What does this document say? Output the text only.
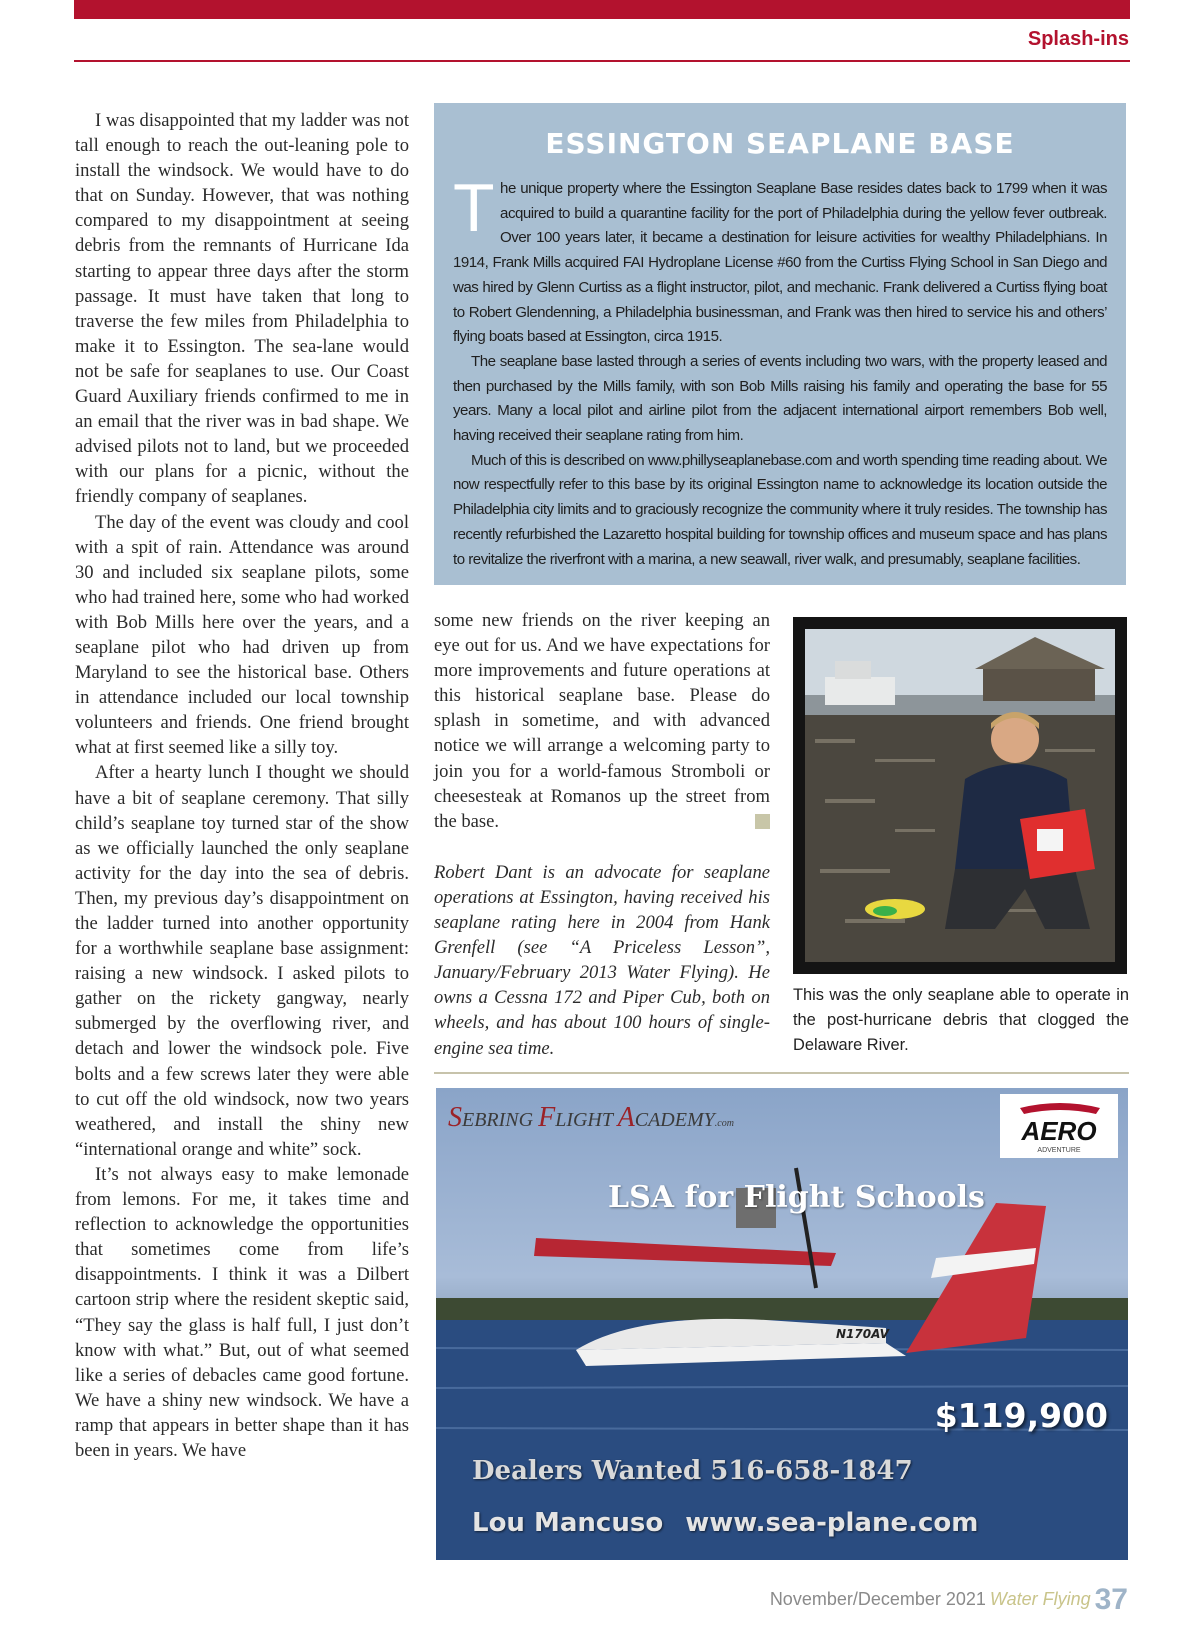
Splash-ins

I was disappointed that my ladder was not tall enough to reach the out-leaning pole to install the windsock. We would have to do that on Sunday. However, that was nothing compared to my disappointment at seeing debris from the remnants of Hurricane Ida starting to appear three days after the storm passage. It must have taken that long to traverse the few miles from Philadelphia to make it to Essington. The sea-lane would not be safe for seaplanes to use. Our Coast Guard Auxiliary friends confirmed to me in an email that the river was in bad shape. We advised pilots not to land, but we proceeded with our plans for a picnic, without the friendly company of seaplanes.

The day of the event was cloudy and cool with a spit of rain. Attendance was around 30 and included six seaplane pilots, some who had trained here, some who had worked with Bob Mills here over the years, and a seaplane pilot who had driven up from Maryland to see the historical base. Others in attendance included our local township volunteers and friends. One friend brought what at first seemed like a silly toy.

After a hearty lunch I thought we should have a bit of seaplane ceremony. That silly child’s seaplane toy turned star of the show as we officially launched the only seaplane activity for the day into the sea of debris. Then, my previous day’s disappointment on the ladder turned into another opportunity for a worthwhile seaplane base assignment: raising a new windsock. I asked pilots to gather on the rickety gangway, nearly submerged by the overflowing river, and detach and lower the windsock pole. Five bolts and a few screws later they were able to cut off the old windsock, now two years weathered, and install the shiny new “international orange and white” sock.

It’s not always easy to make lemonade from lemons. For me, it takes time and reflection to acknowledge the opportunities that sometimes come from life’s disappointments. I think it was a Dilbert cartoon strip where the resident skeptic said, “They say the glass is half full, I just don’t know with what.” But, out of what seemed like a series of debacles came good fortune. We have a shiny new windsock. We have a ramp that appears in better shape than it has been in years. We have

ESSINGTON SEAPLANE BASE

The unique property where the Essington Seaplane Base resides dates back to 1799 when it was acquired to build a quarantine facility for the port of Philadelphia during the yellow fever outbreak. Over 100 years later, it became a destination for leisure activities for wealthy Philadelphians. In 1914, Frank Mills acquired FAI Hydroplane License #60 from the Curtiss Flying School in San Diego and was hired by Glenn Curtiss as a flight instructor, pilot, and mechanic. Frank delivered a Curtiss flying boat to Robert Glendenning, a Philadelphia businessman, and Frank was then hired to service his and others’ flying boats based at Essington, circa 1915.

The seaplane base lasted through a series of events including two wars, with the property leased and then purchased by the Mills family, with son Bob Mills raising his family and operating the base for 55 years. Many a local pilot and airline pilot from the adjacent international airport remembers Bob well, having received their seaplane rating from him.

Much of this is described on www.phillyseaplanebase.com and worth spending time reading about. We now respectfully refer to this base by its original Essington name to acknowledge its location outside the Philadelphia city limits and to graciously recognize the community where it truly resides. The township has recently refurbished the Lazaretto hospital building for township offices and museum space and has plans to revitalize the riverfront with a marina, a new seawall, river walk, and presumably, seaplane facilities.

some new friends on the river keeping an eye out for us. And we have expectations for more improvements and future operations at this historical seaplane base. Please do splash in sometime, and with advanced notice we will arrange a welcoming party to join you for a world-famous Stromboli or cheesesteak at Romanos up the street from the base.

Robert Dant is an advocate for seaplane operations at Essington, having received his seaplane rating here in 2004 from Hank Grenfell (see “A Priceless Lesson”, January/February 2013 Water Flying). He owns a Cessna 172 and Piper Cub, both on wheels, and has about 100 hours of single-engine sea time.

This was the only seaplane able to operate in the post-hurricane debris that clogged the Delaware River.
N170AV
SEBRING FLIGHT ACADEMY.com	AERO
ADVENTURE
LSA for Flight Schools
$119,900
Dealers Wanted 516-658-1847
Lou Mancuso www.sea-plane.com
November/December 2021 Water Flying 37
